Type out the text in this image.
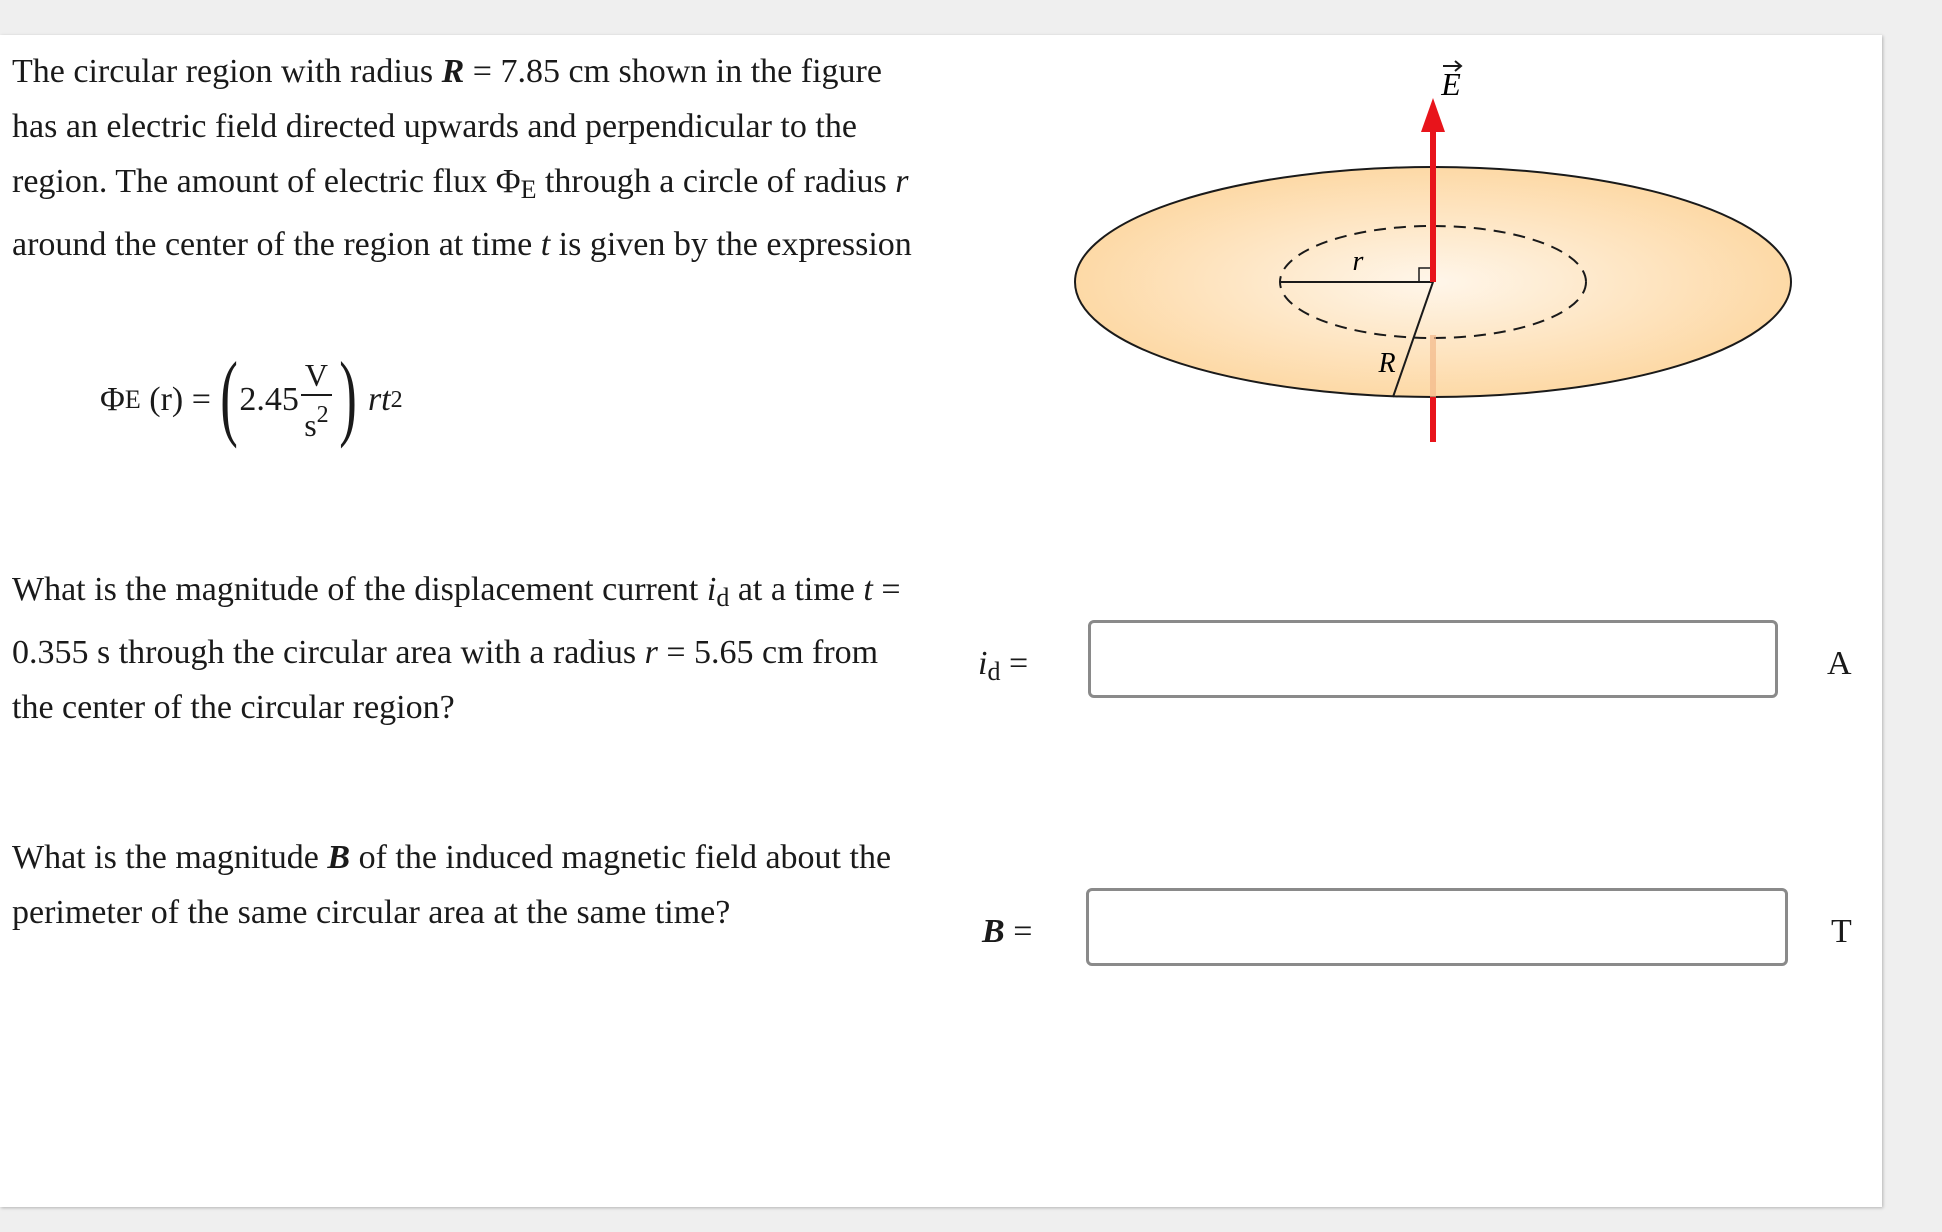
The circular region with radius R = 7.85 cm shown in the figure has an electric field directed upwards and perpendicular to the region. The amount of electric flux $\Phi_E$ through a circle of radius r around the center of the region at time t is given by the expression
Φ E (r) = ( $2.45 \frac{V}{s^2}$ ) rt 2
What is the magnitude of the displacement current $i_d$ at a time t = 0.355 s through the circular area with a radius r = 5.65 cm from the center of the circular region?
$i_d$ =	A
What is the magnitude B of the induced magnetic field about the perimeter of the same circular area at the same time?
B =	T
E
r
R
